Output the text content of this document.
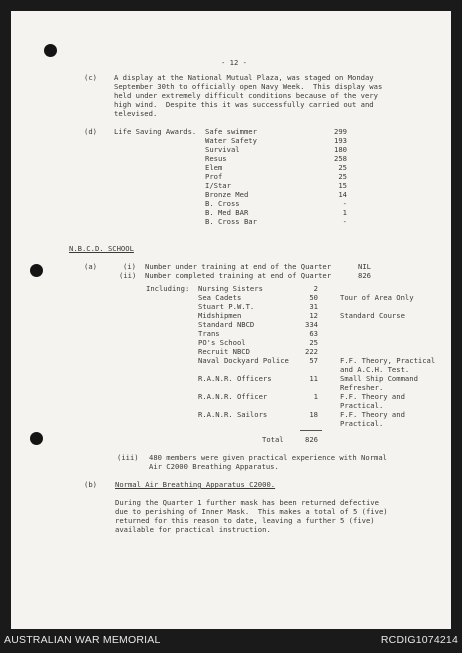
- 12 -
(c) A display at the National Mutual Plaza, was staged on Monday
September 30th to officially open Navy Week.  This display was
held under extremely difficult conditions because of the very
high wind.  Despite this it was successfully carried out and
televised.
(d) Life Saving Awards. Safe swimmer	299
Water Safety	193
Survival	180
Resus	258
Elem	25
Prof	25
I/Star	15
Bronze Med	14
B. Cross	-
B. Med BAR	1
B. Cross Bar	-
N.B.C.D. SCHOOL
(a)	(i) Number under training at end of the Quarter	NIL
(ii) Number completed training at end of Quarter	826
Including: Nursing Sisters	2
Sea Cadets	50	Tour of Area Only
Stuart P.W.T.	31
Midshipmen	12	Standard Course
Standard NBCD	334
Trans	63
PO's School	25
Recruit NBCD	222
Naval Dockyard Police	57	F.F. Theory, Practical
and A.C.H. Test.
R.A.N.R. Officers	11	Small Ship Command
Refresher.
R.A.N.R. Officer	1	F.F. Theory and
Practical.
R.A.N.R. Sailors	18	F.F. Theory and
Practical.
Total	826
(iii) 480 members were given practical experience with Normal
Air C2000 Breathing Apparatus.
(b)	Normal Air Breathing Apparatus C2000.
During the Quarter 1 further mask has been returned defective
due to perishing of Inner Mask.  This makes a total of 5 (five)
returned for this reason to date, leaving a further 5 (five)
available for practical instruction.
AUSTRALIAN WAR MEMORIAL	RCDIG1074214
